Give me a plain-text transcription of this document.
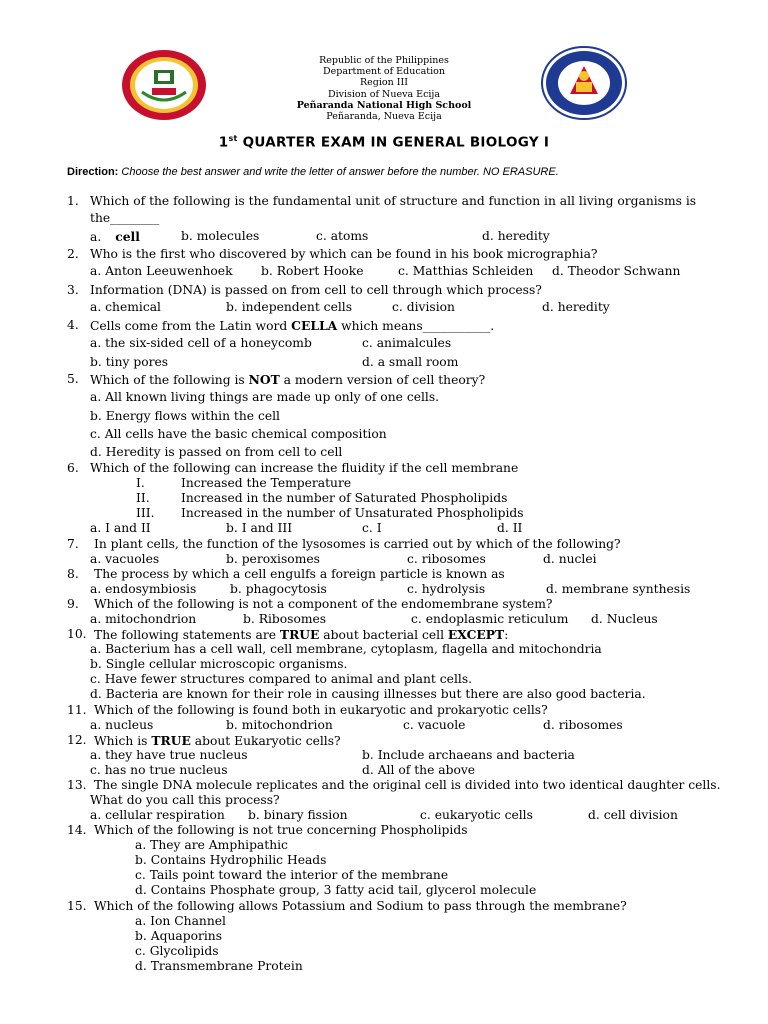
Republic of the Philippines
Department of Education
Region III
Division of Nueva Ecija
Peñaranda National High School
Peñaranda, Nueva Ecija
1st QUARTER EXAM IN GENERAL BIOLOGY I
Direction: Choose the best answer and write the letter of answer before the number. NO ERASURE.
1. Which of the following is the fundamental unit of structure and function in all living organisms is
the________
a. cell	b. molecules	c. atoms	d. heredity
2. Who is the first who discovered by which can be found in his book micrographia?
a. Anton Leeuwenhoek b. Robert Hooke	c. Matthias Schleiden d. Theodor Schwann
3. Information (DNA) is passed on from cell to cell through which process?
a. chemical	b. independent cells	c. division	d. heredity
4. Cells come from the Latin word CELLA which means___________.
a. the six-sided cell of a honeycomb	c. animalcules
b. tiny pores	d. a small room
5. Which of the following is NOT a modern version of cell theory?
a. All known living things are made up only of one cells.
b. Energy flows within the cell
c. All cells have the basic chemical composition
d. Heredity is passed on from cell to cell
6. Which of the following can increase the fluidity if the cell membrane
I.	Increased the Temperature
II.	Increased in the number of Saturated Phospholipids
III. Increased in the number of Unsaturated Phospholipids
a. I and II	b. I and III	c. I	d. II
7. In plant cells, the function of the lysosomes is carried out by which of the following?
a. vacuoles	b. peroxisomes	c. ribosomes	d. nuclei
8. The process by which a cell engulfs a foreign particle is known as
a. endosymbiosis	b. phagocytosis	c. hydrolysis	d. membrane synthesis
9. Which of the following is not a component of the endomembrane system?
a. mitochondrion	b. Ribosomes	c. endoplasmic reticulum d. Nucleus
10. The following statements are TRUE about bacterial cell EXCEPT:
a. Bacterium has a cell wall, cell membrane, cytoplasm, flagella and mitochondria
b. Single cellular microscopic organisms.
c. Have fewer structures compared to animal and plant cells.
d. Bacteria are known for their role in causing illnesses but there are also good bacteria.
11. Which of the following is found both in eukaryotic and prokaryotic cells?
a. nucleus	b. mitochondrion	c. vacuole	d. ribosomes
12. Which is TRUE about Eukaryotic cells?
a. they have true nucleus	b. Include archaeans and bacteria
c. has no true nucleus	d. All of the above
13. The single DNA molecule replicates and the original cell is divided into two identical daughter cells.
What do you call this process?
a. cellular respiration b. binary fission	c. eukaryotic cells	d. cell division
14. Which of the following is not true concerning Phospholipids
a. They are Amphipathic
b. Contains Hydrophilic Heads
c. Tails point toward the interior of the membrane
d. Contains Phosphate group, 3 fatty acid tail, glycerol molecule
15. Which of the following allows Potassium and Sodium to pass through the membrane?
a. Ion Channel
b. Aquaporins
c. Glycolipids
d. Transmembrane Protein
